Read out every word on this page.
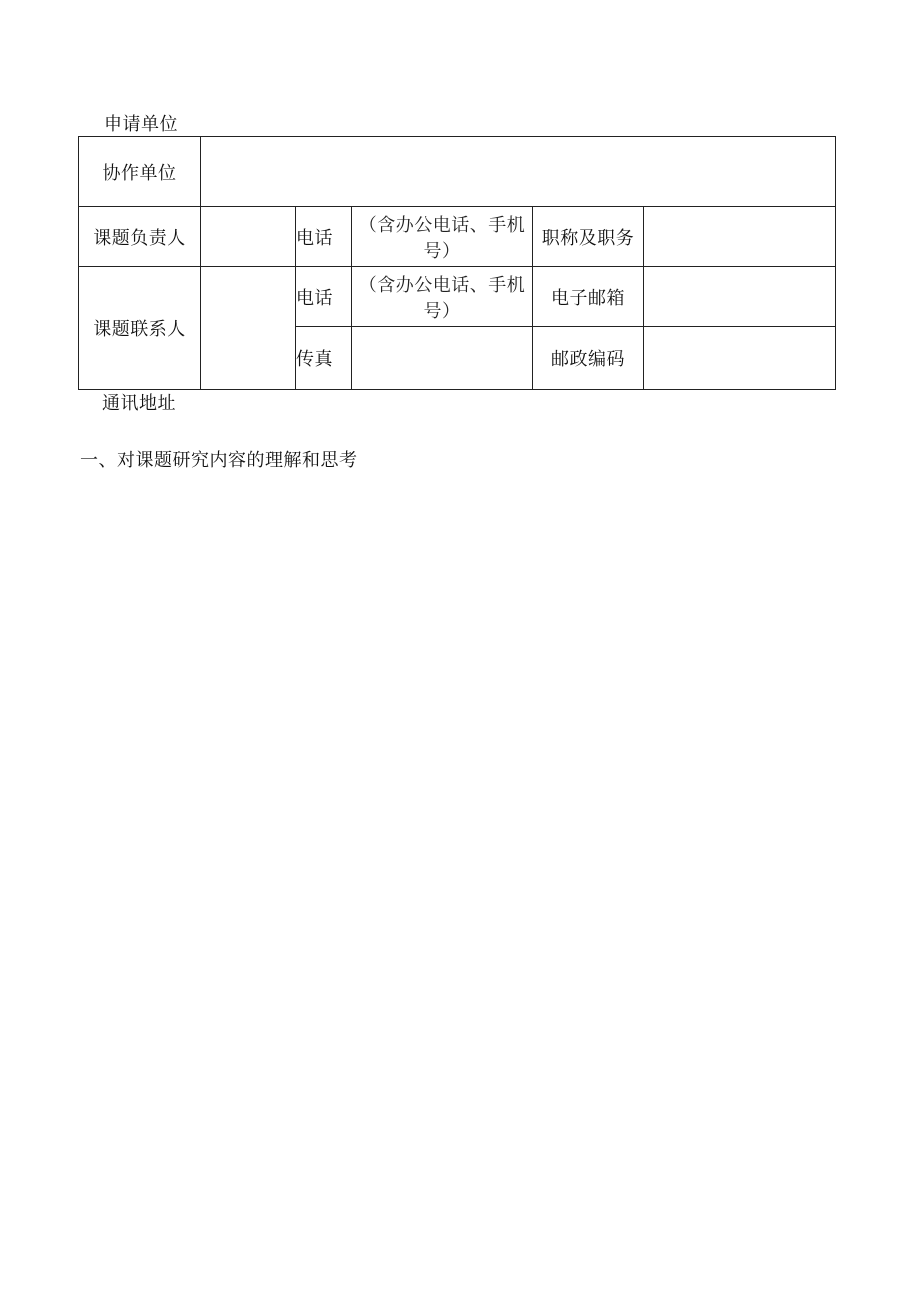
申请单位
协作单位					
课题负责人		电话	（含办公电话、手机号）	职称及职务	
课题联系人		电话	（含办公电话、手机号）	电子邮箱	
		传真		邮政编码	
通讯地址
一、对课题研究内容的理解和思考
